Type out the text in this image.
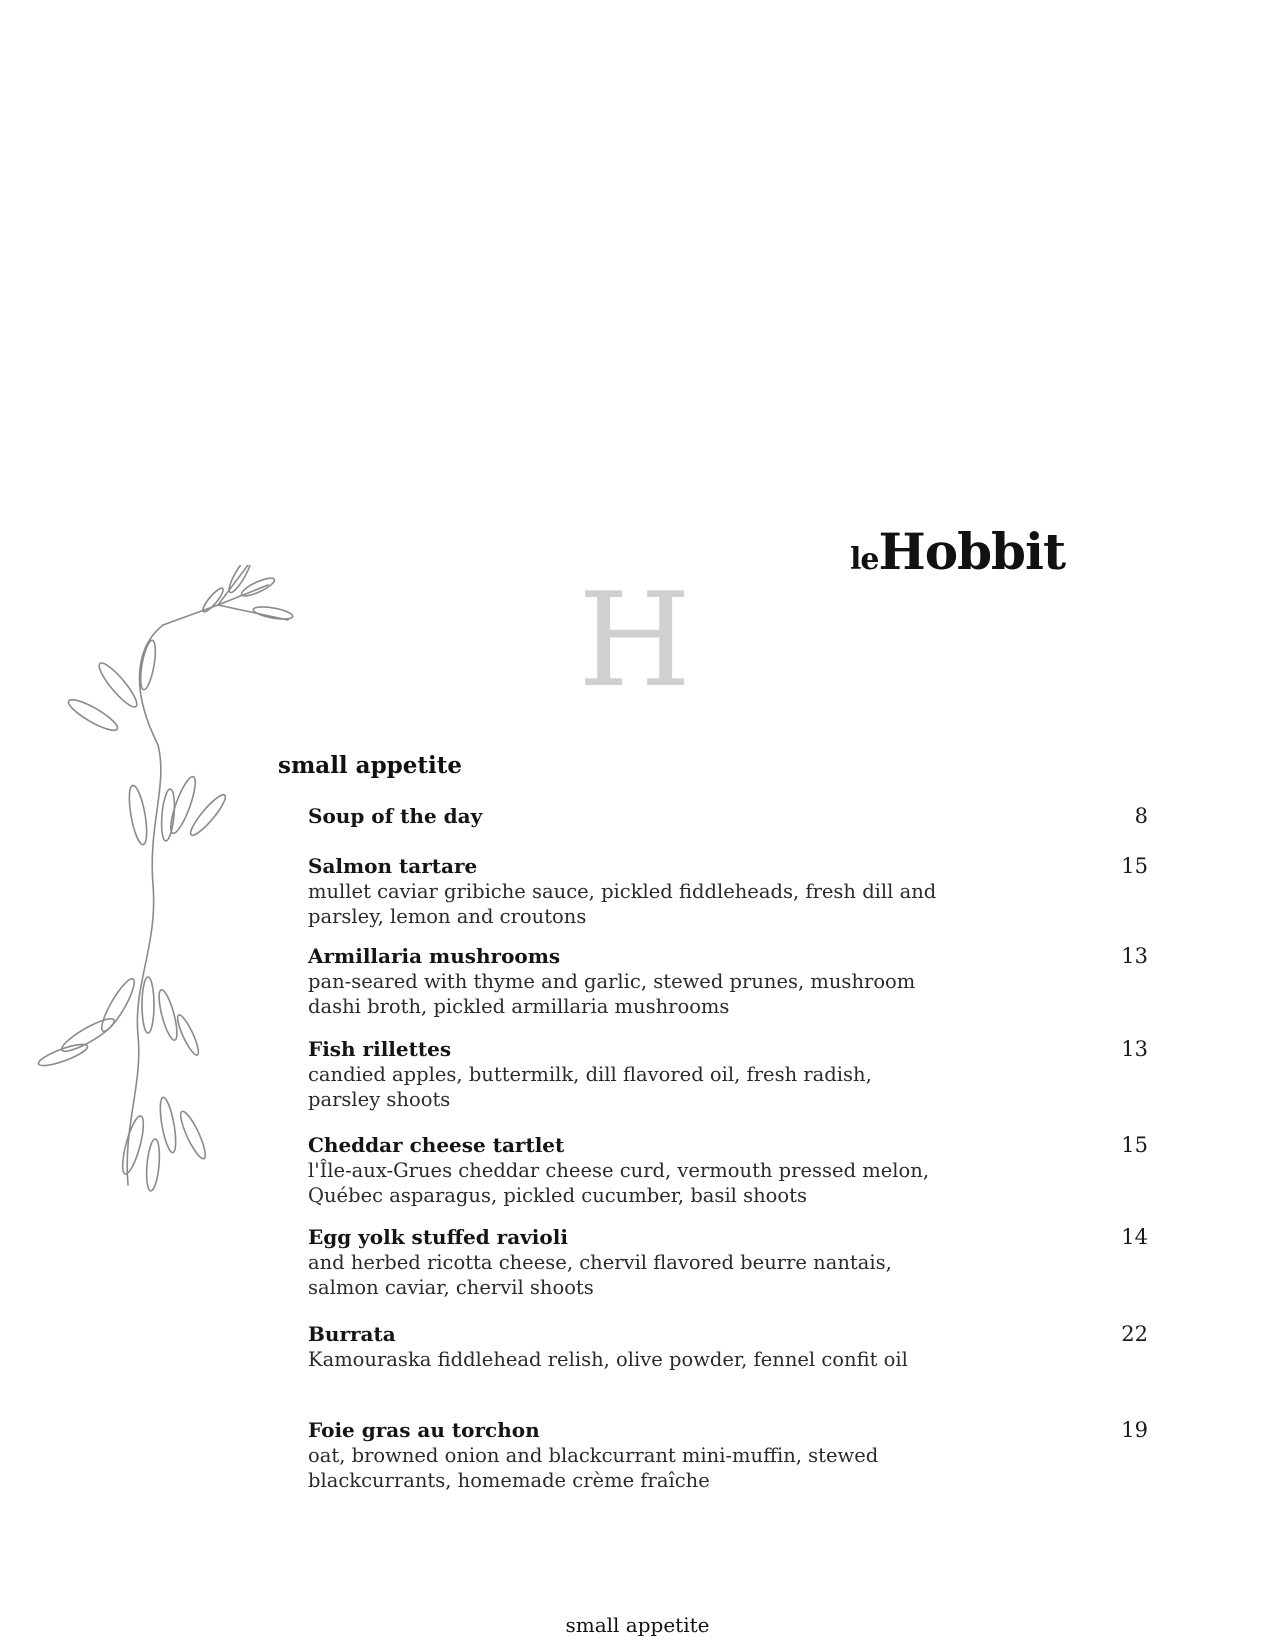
leHobbit
H
small appetite
Soup of the day	8
Salmon tartare
mullet caviar gribiche sauce, pickled fiddleheads, fresh dill and parsley, lemon and croutons
15
Armillaria mushrooms
pan-seared with thyme and garlic, stewed prunes, mushroom dashi broth, pickled armillaria mushrooms
13
Fish rillettes
candied apples, buttermilk, dill flavored oil, fresh radish, parsley shoots
13
Cheddar cheese tartlet
l'Île-aux-Grues cheddar cheese curd, vermouth pressed melon, Québec asparagus, pickled cucumber, basil shoots
15
Egg yolk stuffed ravioli
and herbed ricotta cheese, chervil flavored beurre nantais, salmon caviar, chervil shoots
14
Burrata
Kamouraska fiddlehead relish, olive powder, fennel confit oil
22
Foie gras au torchon
oat, browned onion and blackcurrant mini-muffin, stewed blackcurrants, homemade crème fraîche
19
small appetite
